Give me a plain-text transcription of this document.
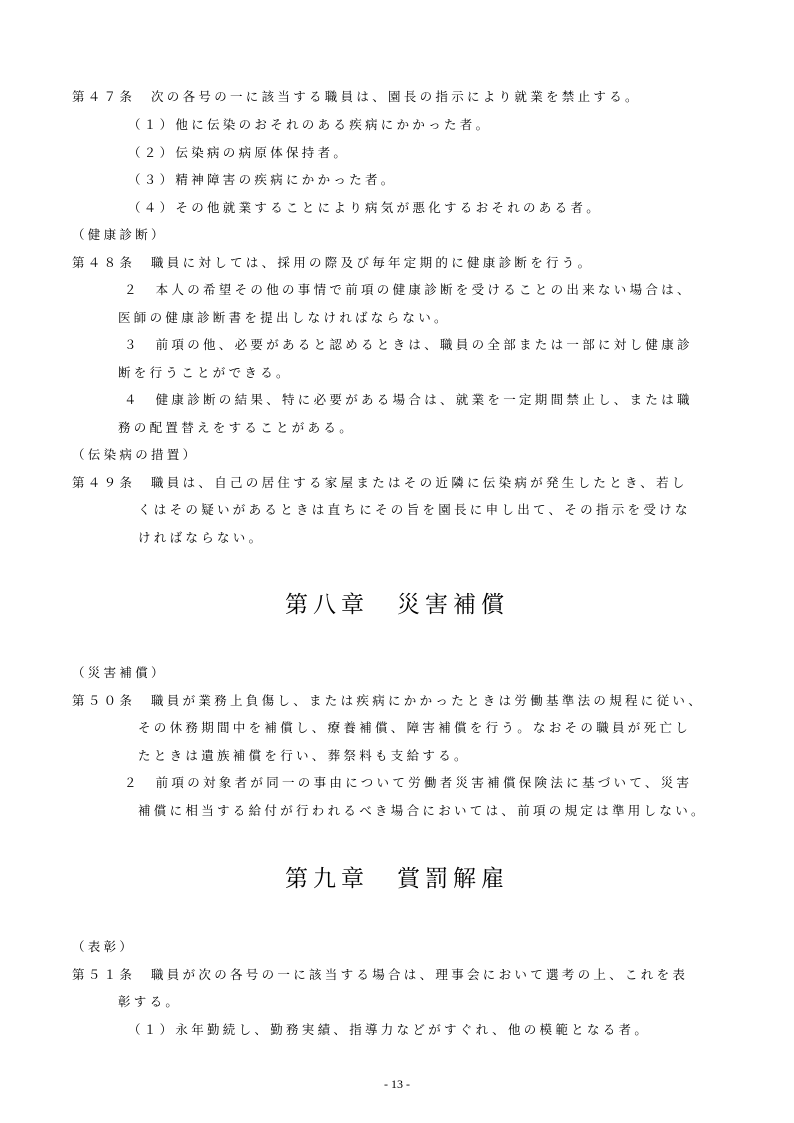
第４７条　次の各号の一に該当する職員は、園長の指示により就業を禁止する。
（１）他に伝染のおそれのある疾病にかかった者。
（２）伝染病の病原体保持者。
（３）精神障害の疾病にかかった者。
（４）その他就業することにより病気が悪化するおそれのある者。
（健康診断）
第４８条　職員に対しては、採用の際及び毎年定期的に健康診断を行う。
２　本人の希望その他の事情で前項の健康診断を受けることの出来ない場合は、
医師の健康診断書を提出しなければならない。
３　前項の他、必要があると認めるときは、職員の全部または一部に対し健康診
断を行うことができる。
４　健康診断の結果、特に必要がある場合は、就業を一定期間禁止し、または職
務の配置替えをすることがある。
（伝染病の措置）
第４９条　職員は、自己の居住する家屋またはその近隣に伝染病が発生したとき、若し
くはその疑いがあるときは直ちにその旨を園長に申し出て、その指示を受けな
ければならない。
第八章　災害補償
（災害補償）
第５０条　職員が業務上負傷し、または疾病にかかったときは労働基準法の規程に従い、
その休務期間中を補償し、療養補償、障害補償を行う。なおその職員が死亡し
たときは遺族補償を行い、葬祭料も支給する。
２　前項の対象者が同一の事由について労働者災害補償保険法に基づいて、災害
補償に相当する給付が行われるべき場合においては、前項の規定は準用しない。
第九章　賞罰解雇
（表彰）
第５１条　職員が次の各号の一に該当する場合は、理事会において選考の上、これを表
彰する。
（１）永年勤続し、勤務実績、指導力などがすぐれ、他の模範となる者。
- 13 -
